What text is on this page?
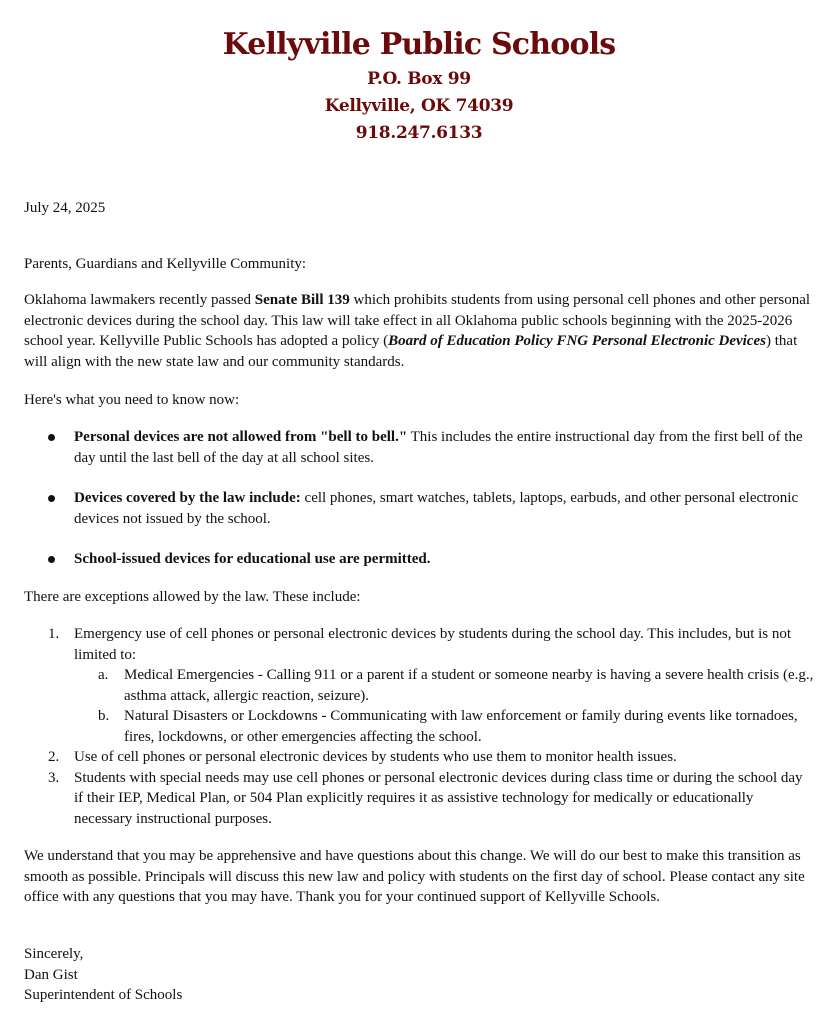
Kellyville Public Schools
P.O. Box 99
Kellyville, OK 74039
918.247.6133

July 24, 2025

Parents, Guardians and Kellyville Community:

Oklahoma lawmakers recently passed Senate Bill 139 which prohibits students from using personal cell phones and other personal electronic devices during the school day. This law will take effect in all Oklahoma public schools beginning with the 2025-2026 school year. Kellyville Public Schools has adopted a policy (Board of Education Policy FNG Personal Electronic Devices) that will align with the new state law and our community standards.

Here's what you need to know now:

Personal devices are not allowed from "bell to bell." This includes the entire instructional day from the first bell of the day until the last bell of the day at all school sites.
Devices covered by the law include: cell phones, smart watches, tablets, laptops, earbuds, and other personal electronic devices not issued by the school.
School-issued devices for educational use are permitted.

There are exceptions allowed by the law. These include:

1. Emergency use of cell phones or personal electronic devices by students during the school day. This includes, but is not limited to:
a. Medical Emergencies - Calling 911 or a parent if a student or someone nearby is having a severe health crisis (e.g., asthma attack, allergic reaction, seizure).
b. Natural Disasters or Lockdowns - Communicating with law enforcement or family during events like tornadoes, fires, lockdowns, or other emergencies affecting the school.
2. Use of cell phones or personal electronic devices by students who use them to monitor health issues.
3. Students with special needs may use cell phones or personal electronic devices during class time or during the school day if their IEP, Medical Plan, or 504 Plan explicitly requires it as assistive technology for medically or educationally necessary instructional purposes.

We understand that you may be apprehensive and have questions about this change. We will do our best to make this transition as smooth as possible. Principals will discuss this new law and policy with students on the first day of school. Please contact any site office with any questions that you may have. Thank you for your continued support of Kellyville Schools.

Sincerely,
Dan Gist
Superintendent of Schools
